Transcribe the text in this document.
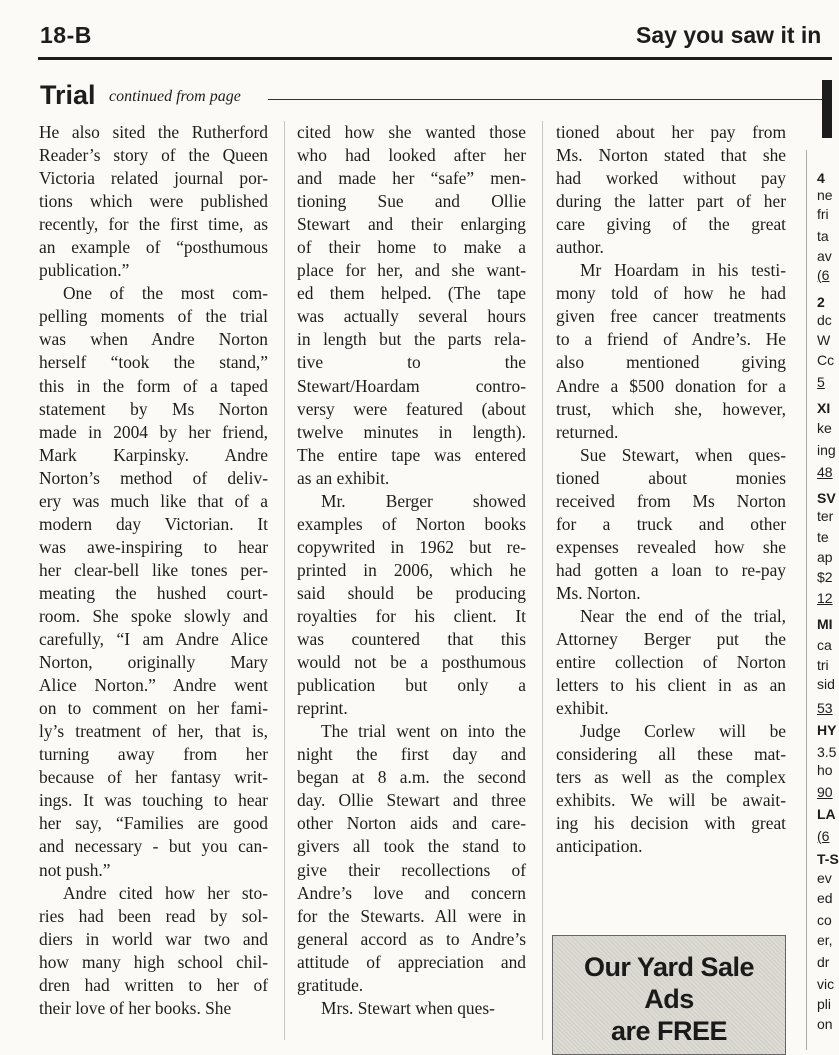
18-B	Say you saw it in
Trial continued from page
He also sited the Rutherford
Reader’s story of the Queen
Victoria related journal por-
tions which were published
recently, for the first time, as
an example of “posthumous
publication.”
One of the most com-
pelling moments of the trial
was when Andre Norton
herself “took the stand,”
this in the form of a taped
statement by Ms Norton
made in 2004 by her friend,
Mark Karpinsky. Andre
Norton’s method of deliv-
ery was much like that of a
modern day Victorian. It
was awe-inspiring to hear
her clear-bell like tones per-
meating the hushed court-
room. She spoke slowly and
carefully, “I am Andre Alice
Norton, originally Mary
Alice Norton.” Andre went
on to comment on her fami-
ly’s treatment of her, that is,
turning away from her
because of her fantasy writ-
ings. It was touching to hear
her say, “Families are good
and necessary - but you can-
not push.”
Andre cited how her sto-
ries had been read by sol-
diers in world war two and
how many high school chil-
dren had written to her of
their love of her books. She
cited how she wanted those
who had looked after her
and made her “safe” men-
tioning Sue and Ollie
Stewart and their enlarging
of their home to make a
place for her, and she want-
ed them helped. (The tape
was actually several hours
in length but the parts rela-
tive to the
Stewart/Hoardam contro-
versy were featured (about
twelve minutes in length).
The entire tape was entered
as an exhibit.
Mr. Berger showed
examples of Norton books
copywrited in 1962 but re-
printed in 2006, which he
said should be producing
royalties for his client. It
was countered that this
would not be a posthumous
publication but only a
reprint.
The trial went on into the
night the first day and
began at 8 a.m. the second
day. Ollie Stewart and three
other Norton aids and care-
givers all took the stand to
give their recollections of
Andre’s love and concern
for the Stewarts. All were in
general accord as to Andre’s
attitude of appreciation and
gratitude.
Mrs. Stewart when ques-
tioned about her pay from
Ms. Norton stated that she
had worked without pay
during the latter part of her
care giving of the great
author.
Mr Hoardam in his testi-
mony told of how he had
given free cancer treatments
to a friend of Andre’s. He
also mentioned giving
Andre a $500 donation for a
trust, which she, however,
returned.
Sue Stewart, when ques-
tioned about monies
received from Ms Norton
for a truck and other
expenses revealed how she
had gotten a loan to re-pay
Ms. Norton.
Near the end of the trial,
Attorney Berger put the
entire collection of Norton
letters to his client in as an
exhibit.
Judge Corlew will be
considering all these mat-
ters as well as the complex
exhibits. We will be await-
ing his decision with great
anticipation.
Our Yard Sale
Ads
are FREE
4
ne
fri
ta
av
(6
2
dc
W
Cc
5
XI
ke
ing
48
SV
ter
te
ap
$2
12
MI
ca
tri
sid
53
HY
3.5
ho
90
LA
(6
T-S
ev
ed
co
er,
dr
vic
pli
on
